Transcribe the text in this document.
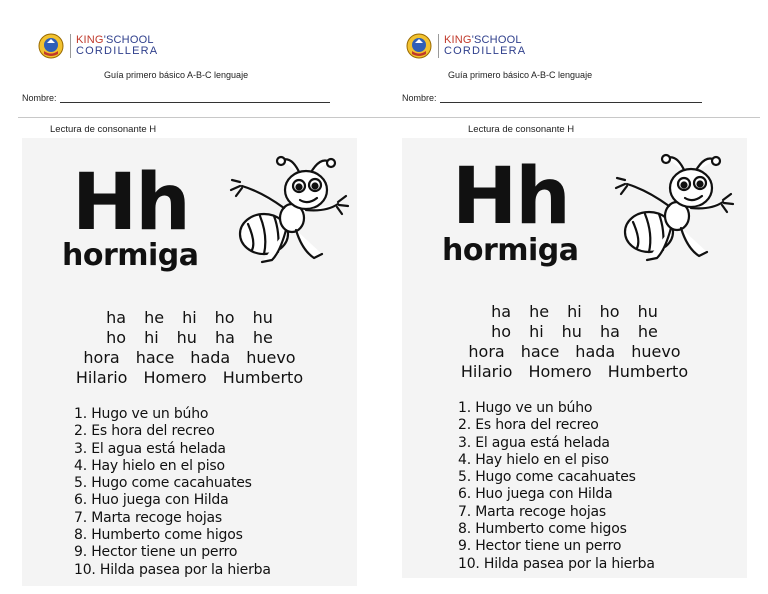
KING'SCHOOL
CORDILLERA
Guía primero básico A-B-C lenguaje
Nombre:
Lectura de consonante H
Hh
hormiga
ha he hi ho hu
ho hi hu ha he
hora hace hada huevo
Hilario Homero Humberto
1. Hugo ve un búho
2. Es hora del recreo
3. El agua está helada
4. Hay hielo en el piso
5. Hugo come cacahuates
6. Huo juega con Hilda
7. Marta recoge hojas
8. Humberto come higos
9. Hector tiene un perro
10. Hilda pasea por la hierba
KING'SCHOOL
CORDILLERA
Guía primero básico A-B-C lenguaje
Nombre:
Lectura de consonante H
Hh
hormiga
ha he hi ho hu
ho hi hu ha he
hora hace hada huevo
Hilario Homero Humberto
1. Hugo ve un búho
2. Es hora del recreo
3. El agua está helada
4. Hay hielo en el piso
5. Hugo come cacahuates
6. Huo juega con Hilda
7. Marta recoge hojas
8. Humberto come higos
9. Hector tiene un perro
10. Hilda pasea por la hierba
